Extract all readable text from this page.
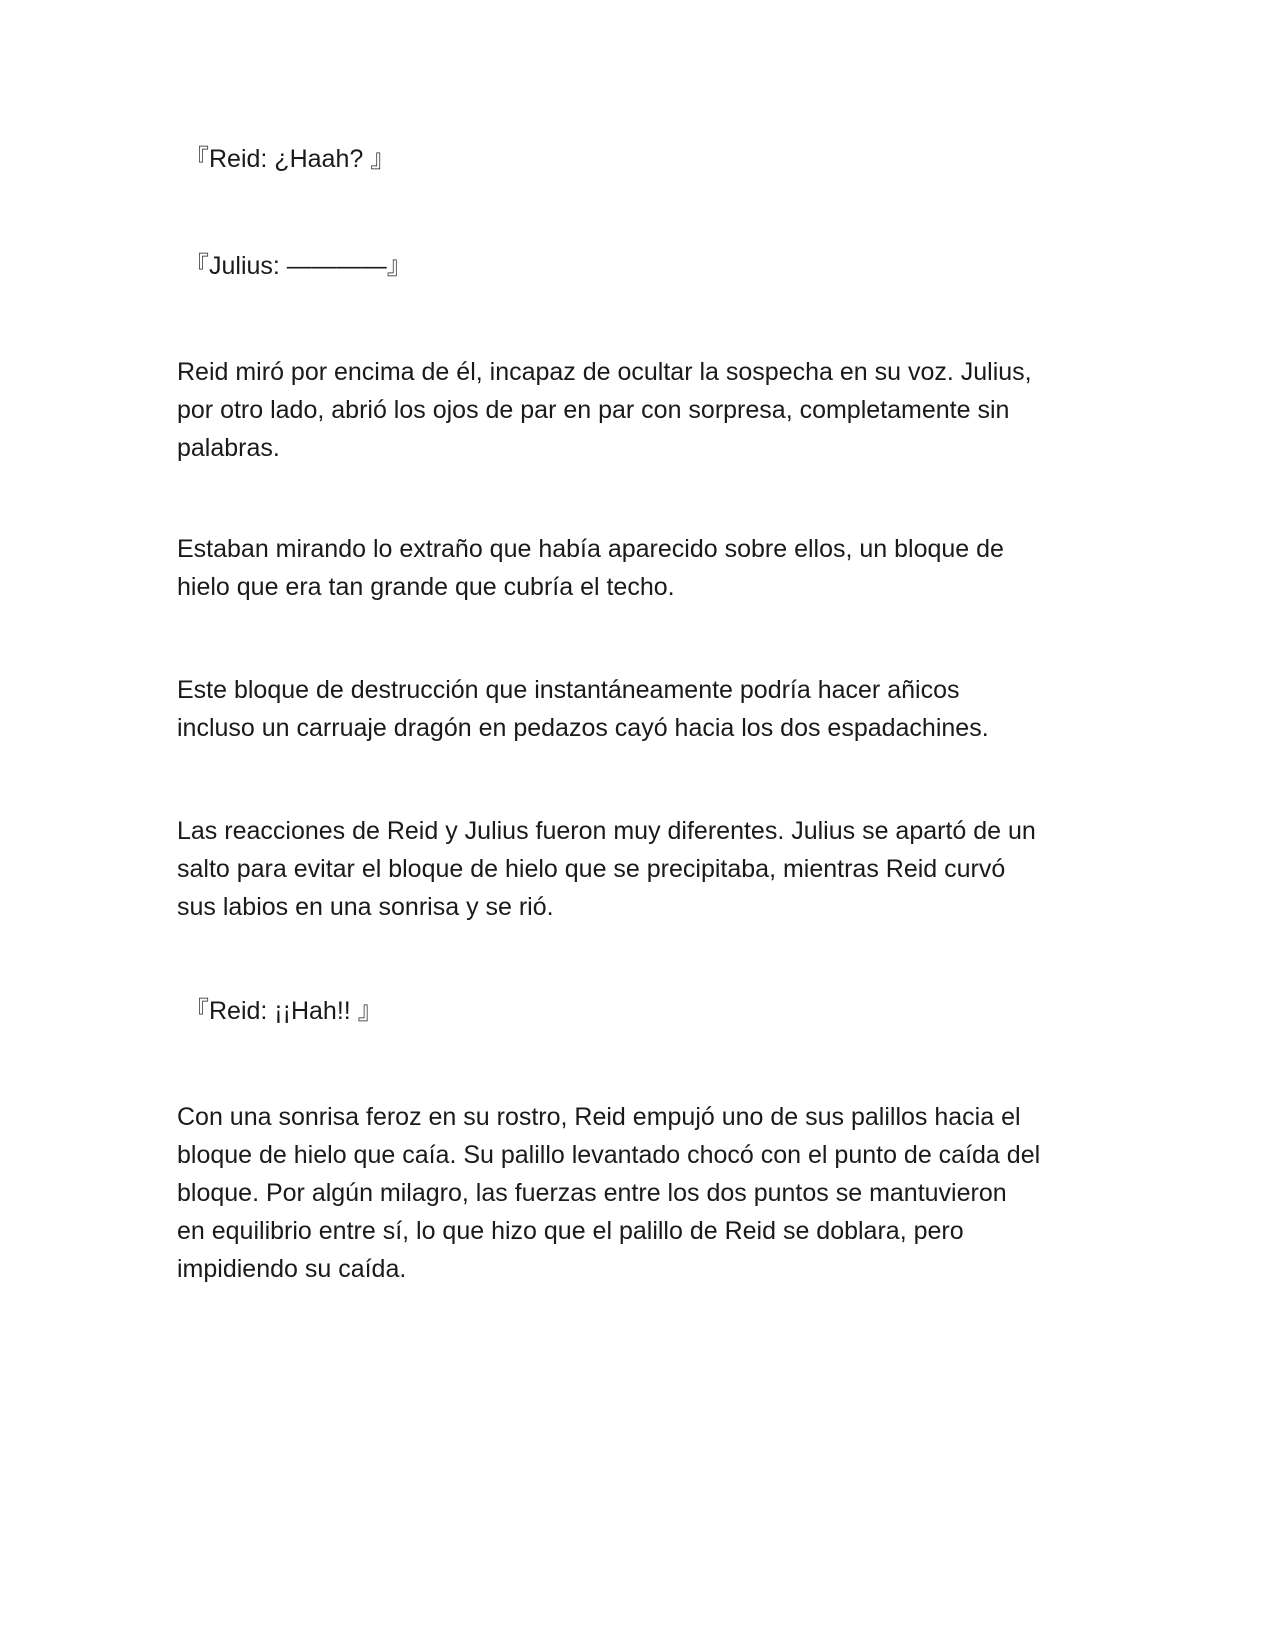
『Reid: ¿Haah? 』

『Julius: ————』

Reid miró por encima de él, incapaz de ocultar la sospecha en su voz. Julius,
por otro lado, abrió los ojos de par en par con sorpresa, completamente sin
palabras.

Estaban mirando lo extraño que había aparecido sobre ellos, un bloque de
hielo que era tan grande que cubría el techo.

Este bloque de destrucción que instantáneamente podría hacer añicos
incluso un carruaje dragón en pedazos cayó hacia los dos espadachines.

Las reacciones de Reid y Julius fueron muy diferentes. Julius se apartó de un
salto para evitar el bloque de hielo que se precipitaba, mientras Reid curvó
sus labios en una sonrisa y se rió.

『Reid: ¡¡Hah!! 』

Con una sonrisa feroz en su rostro, Reid empujó uno de sus palillos hacia el
bloque de hielo que caía. Su palillo levantado chocó con el punto de caída del
bloque. Por algún milagro, las fuerzas entre los dos puntos se mantuvieron
en equilibrio entre sí, lo que hizo que el palillo de Reid se doblara, pero
impidiendo su caída.
